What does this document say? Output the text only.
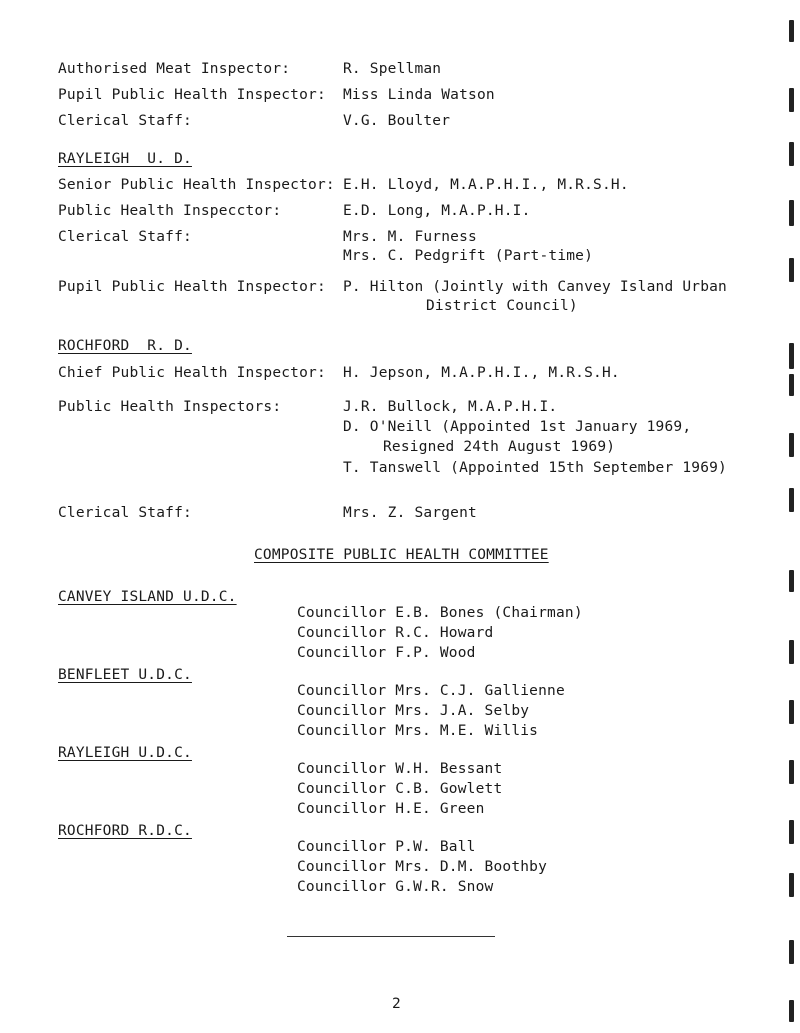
Authorised Meat Inspector:	R. Spellman
Pupil Public Health Inspector: Miss Linda Watson
Clerical Staff:	V.G. Boulter
RAYLEIGH  U. D.
Senior Public Health Inspector: E.H. Lloyd, M.A.P.H.I., M.R.S.H.
Public Health Inspecctor:	E.D. Long, M.A.P.H.I.
Clerical Staff:	Mrs. M. Furness
Mrs. C. Pedgrift (Part-time)
Pupil Public Health Inspector: P. Hilton (Jointly with Canvey Island Urban
District Council)
ROCHFORD  R. D.
Chief Public Health Inspector: H. Jepson, M.A.P.H.I., M.R.S.H.
Public Health Inspectors:	J.R. Bullock, M.A.P.H.I.
D. O'Neill (Appointed 1st January 1969,
Resigned 24th August 1969)
T. Tanswell (Appointed 15th September 1969)
Clerical Staff:	Mrs. Z. Sargent
COMPOSITE PUBLIC HEALTH COMMITTEE
CANVEY ISLAND U.D.C.
Councillor E.B. Bones (Chairman)
Councillor R.C. Howard
Councillor F.P. Wood
BENFLEET U.D.C.
Councillor Mrs. C.J. Gallienne
Councillor Mrs. J.A. Selby
Councillor Mrs. M.E. Willis
RAYLEIGH U.D.C.
Councillor W.H. Bessant
Councillor C.B. Gowlett
Councillor H.E. Green
ROCHFORD R.D.C.
Councillor P.W. Ball
Councillor Mrs. D.M. Boothby
Councillor G.W.R. Snow
2
